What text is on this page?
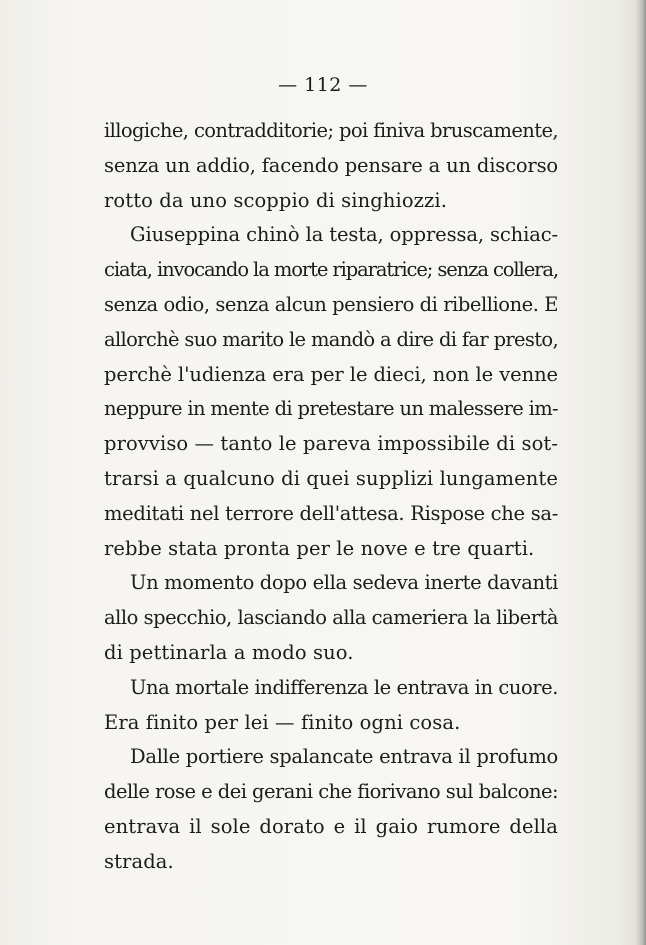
— 112 —

illogiche, contradditorie; poi finiva bruscamente,
senza un addio, facendo pensare a un discorso
rotto da uno scoppio di singhiozzi.

Giuseppina chinò la testa, oppressa, schiac-
ciata, invocando la morte riparatrice; senza collera,
senza odio, senza alcun pensiero di ribellione. E
allorchè suo marito le mandò a dire di far presto,
perchè l'udienza era per le dieci, non le venne
neppure in mente di pretestare un malessere im-
provviso — tanto le pareva impossibile di sot-
trarsi a qualcuno di quei supplizi lungamente
meditati nel terrore dell'attesa. Rispose che sa-
rebbe stata pronta per le nove e tre quarti.

Un momento dopo ella sedeva inerte davanti
allo specchio, lasciando alla cameriera la libertà
di pettinarla a modo suo.

Una mortale indifferenza le entrava in cuore.
Era finito per lei — finito ogni cosa.

Dalle portiere spalancate entrava il profumo
delle rose e dei gerani che fiorivano sul balcone:
entrava il sole dorato e il gaio rumore della
strada.
